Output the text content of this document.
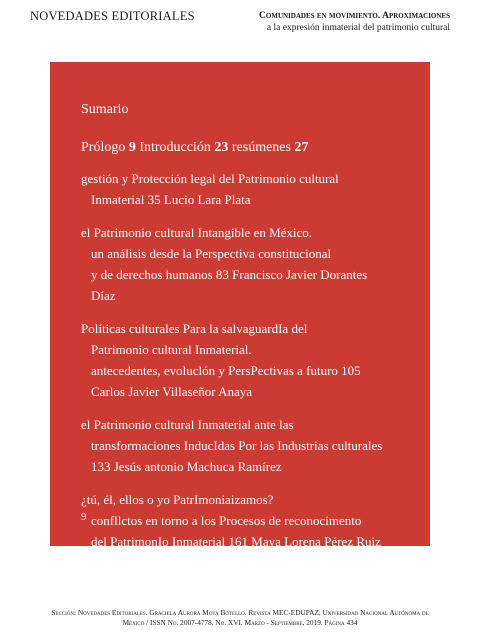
NOVEDADES EDITORIALES	Comunidades en movimiento. Aproximaciones
a la expresión inmaterial del patrimonio cultural
Sumario
Prólogo 9 Introducción 23 resúmenes 27
gestión y Protección legal del Patrimonio cultural
Inmaterial 35 Lucio Lara Plata
el Patrimonio cultural Intangible en México.
un análisis desde la Perspectiva constitucional
y de derechos humanos 83 Francisco Javier Dorantes
Díaz
Políticas culturales Para la salvaguardIa del
Patrimonio cultural Inmaterial.
antecedentes, evoluclón y PersPectivas a futuro 105
Carlos Javier Villaseñor Anaya
el Patrimonio cultural Inmaterial ante las
transformaciones InducIdas Por las Industrias culturales
133 Jesús antonio Machuca Ramírez
¿tú, él, ellos o yo PatrImoniaizamos?
confllctos en torno a los Procesos de reconocimento
del PatrimonIo Inmaterial 161 Maya Lorena Pérez Ruiz
9
Sección: Novedades Editoriales. Graciela Aurora Mota Botello. Revista MEC-EDUPAZ, Universidad Nacional Autónoma de
México / ISSN No. 2007-4778. No. XVI. Marzo - Septiembre, 2019. Página 434
